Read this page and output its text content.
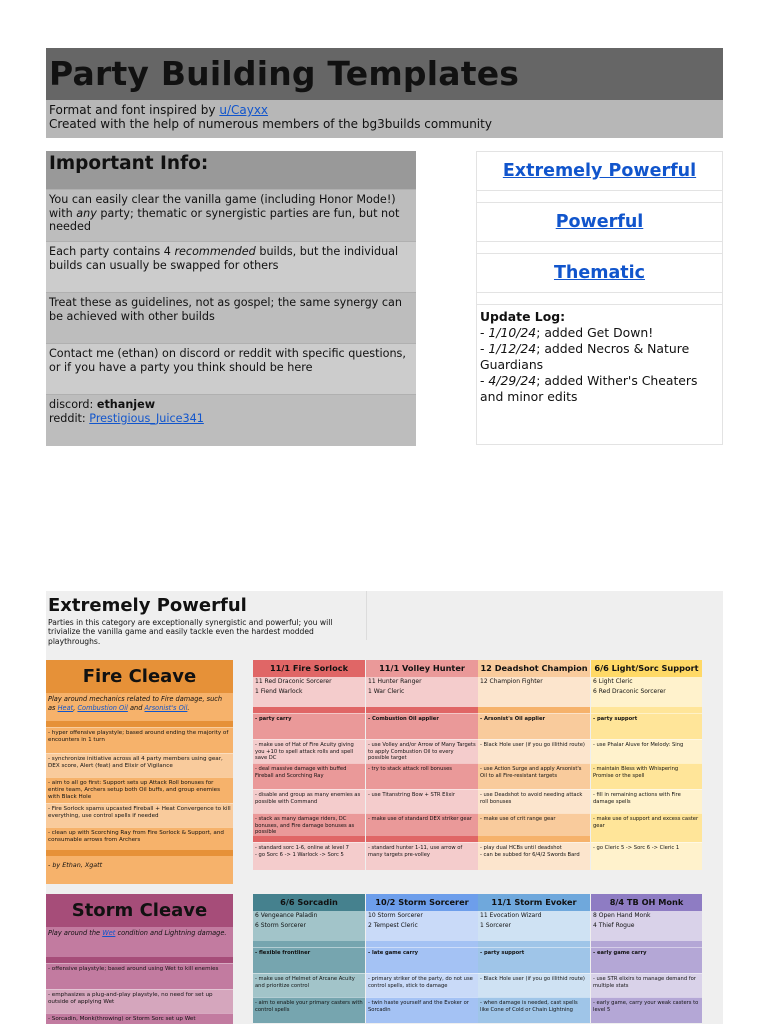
Party Building Templates
Format and font inspired by u/Cayxx
Created with the help of numerous members of the bg3builds community
Important Info:
You can easily clear the vanilla game (including Honor Mode!) with any party; thematic or synergistic parties are fun, but not needed
Each party contains 4 recommended builds, but the individual builds can usually be swapped for others
Treat these as guidelines, not as gospel; the same synergy can be achieved with other builds
Contact me (ethan) on discord or reddit with specific questions, or if you have a party you think should be here
discord: ethanjew
reddit: Prestigious_Juice341
Extremely Powerful
Powerful
Thematic
Update Log:
- 1/10/24; added Get Down!
- 1/12/24; added Necros & Nature Guardians
- 4/29/24; added Wither's Cheaters and minor edits
Extremely Powerful
Parties in this category are exceptionally synergistic and powerful; you will trivialize the vanilla game and easily tackle even the hardest modded playthroughs.
Fire Cleave
Play around mechanics related to Fire damage, such as Heat, Combustion Oil and Arsonist's Oil.
- hyper offensive playstyle; based around ending the majority of encounters in 1 turn
- synchronize initiative across all 4 party members using gear, DEX score, Alert (feat) and Elixir of Vigilance
- aim to all go first: Support sets up Attack Roll bonuses for entire team, Archers setup both Oil buffs, and group enemies with Black Hole
- Fire Sorlock spams upcasted Fireball + Heat Convergence to kill everything, use control spells if needed
- clean up with Scorching Ray from Fire Sorlock & Support, and consumable arrows from Archers
- by Ethan, Xgatt
11/1 Fire Sorlock
11 Red Draconic Sorcerer
1 Fiend Warlock
- party carry
- make use of Hat of Fire Acuity giving you +10 to spell attack rolls and spell save DC
- deal massive damage with buffed Fireball and Scorching Ray
- disable and group as many enemies as possible with Command
- stack as many damage riders, DC bonuses, and Fire damage bonuses as possible
- standard sorc 1-6, online at level 7
- go Sorc 6 -> 1 Warlock -> Sorc 5
11/1 Volley Hunter
11 Hunter Ranger
1 War Cleric
- Combustion Oil applier
- use Volley and/or Arrow of Many Targets to apply Combustion Oil to every possible target
- try to stack attack roll bonuses
- use Titanstring Bow + STR Elixir
- make use of standard DEX striker gear
- standard hunter 1-11, use arrow of many targets pre-volley
12 Deadshot Champion
12 Champion Fighter
- Arsonist's Oil applier
- Black Hole user (if you go illithid route)
- use Action Surge and apply Arsonist's Oil to all Fire-resistant targets
- use Deadshot to avoid needing attack roll bonuses
- make use of crit range gear
- play dual HCBs until deadshot
- can be subbed for 6/4/2 Swords Bard
6/6 Light/Sorc Support
6 Light Cleric
6 Red Draconic Sorcerer
- party support
- use Phalar Aluve for Melody: Sing
- maintain Bless with Whispering Promise or the spell
- fill in remaining actions with Fire damage spells
- make use of support and excess caster gear
- go Cleric 5 -> Sorc 6 -> Cleric 1
Storm Cleave
Play around the Wet condition and Lightning damage.
- offensive playstyle; based around using Wet to kill enemies
- emphasizes a plug-and-play playstyle, no need for set up outside of applying Wet
- Sorcadin, Monk(throwing) or Storm Sorc set up Wet
6/6 Sorcadin
6 Vengeance Paladin
6 Storm Sorcerer
- flexible frontliner
- make use of Helmet of Arcane Acuity and prioritize control
- aim to enable your primary casters with control spells
10/2 Storm Sorcerer
10 Storm Sorcerer
2 Tempest Cleric
- late game carry
- primary striker of the party, do not use control spells, stick to damage
- twin haste yourself and the Evoker or Sorcadin
11/1 Storm Evoker
11 Evocation Wizard
1 Sorcerer
- party support
- Black Hole user (if you go illithid route)
- when damage is needed, cast spells like Cone of Cold or Chain Lightning
8/4 TB OH Monk
8 Open Hand Monk
4 Thief Rogue
- early game carry
- use STR elixirs to manage demand for multiple stats
- early game, carry your weak casters to level 5
